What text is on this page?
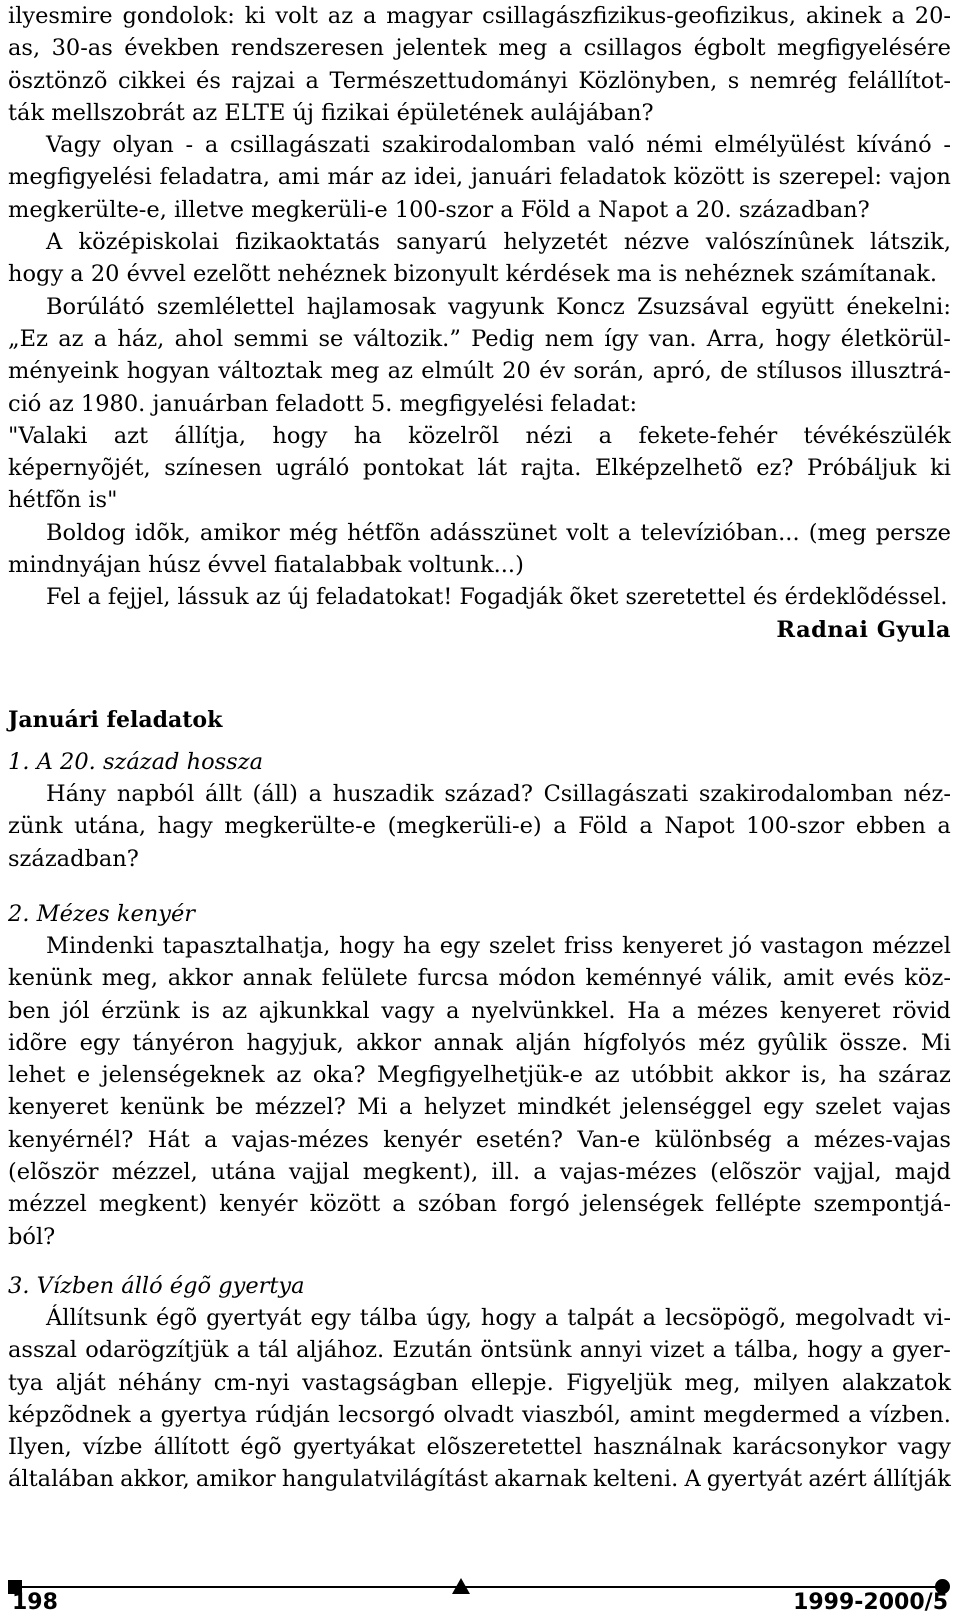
ilyesmire gondolok: ki volt az a magyar csillagászfizikus-geofizikus, akinek a 20-
as, 30-as években rendszeresen jelentek meg a csillagos égbolt megfigyelésére
ösztönzõ cikkei és rajzai a Természettudományi Közlönyben, s nemrég felállítot-
ták mellszobrát az ELTE új fizikai épületének aulájában?
Vagy olyan - a csillagászati szakirodalomban való némi elmélyülést kívánó -
megfigyelési feladatra, ami már az idei, januári feladatok között is szerepel: vajon
megkerülte-e, illetve megkerüli-e 100-szor a Föld a Napot a 20. században?
A középiskolai fizikaoktatás sanyarú helyzetét nézve valószínûnek látszik,
hogy a 20 évvel ezelõtt nehéznek bizonyult kérdések ma is nehéznek számítanak.
Borúlátó szemlélettel hajlamosak vagyunk Koncz Zsuzsával együtt énekelni:
„Ez az a ház, ahol semmi se változik.” Pedig nem így van. Arra, hogy életkörül-
ményeink hogyan változtak meg az elmúlt 20 év során, apró, de stílusos illusztrá-
ció az 1980. januárban feladott 5. megfigyelési feladat:
"Valaki azt állítja, hogy ha közelrõl nézi a fekete-fehér tévékészülék
képernyõjét, színesen ugráló pontokat lát rajta. Elképzelhetõ ez? Próbáljuk ki
hétfõn is"
Boldog idõk, amikor még hétfõn adásszünet volt a televízióban... (meg persze
mindnyájan húsz évvel fiatalabbak voltunk...)
Fel a fejjel, lássuk az új feladatokat! Fogadják õket szeretettel és érdeklõdéssel.
Radnai Gyula
Januári feladatok
1. A 20. század hossza
Hány napból állt (áll) a huszadik század? Csillagászati szakirodalomban néz-
zünk utána, hagy megkerülte-e (megkerüli-e) a Föld a Napot 100-szor ebben a
században?
2. Mézes kenyér
Mindenki tapasztalhatja, hogy ha egy szelet friss kenyeret jó vastagon mézzel
kenünk meg, akkor annak felülete furcsa módon keménnyé válik, amit evés köz-
ben jól érzünk is az ajkunkkal vagy a nyelvünkkel. Ha a mézes kenyeret rövid
idõre egy tányéron hagyjuk, akkor annak alján hígfolyós méz gyûlik össze. Mi
lehet e jelenségeknek az oka? Megfigyelhetjük-e az utóbbit akkor is, ha száraz
kenyeret kenünk be mézzel? Mi a helyzet mindkét jelenséggel egy szelet vajas
kenyérnél? Hát a vajas-mézes kenyér esetén? Van-e különbség a mézes-vajas
(elõször mézzel, utána vajjal megkent), ill. a vajas-mézes (elõször vajjal, majd
mézzel megkent) kenyér között a szóban forgó jelenségek fellépte szempontjá-
ból?
3. Vízben álló égõ gyertya
Állítsunk égõ gyertyát egy tálba úgy, hogy a talpát a lecsöpögõ, megolvadt vi-
asszal odarögzítjük a tál aljához. Ezután öntsünk annyi vizet a tálba, hogy a gyer-
tya alját néhány cm-nyi vastagságban ellepje. Figyeljük meg, milyen alakzatok
képzõdnek a gyertya rúdján lecsorgó olvadt viaszból, amint megdermed a vízben.
Ilyen, vízbe állított égõ gyertyákat elõszeretettel használnak karácsonykor vagy
általában akkor, amikor hangulatvilágítást akarnak kelteni. A gyertyát azért állítják
198	1999-2000/5
